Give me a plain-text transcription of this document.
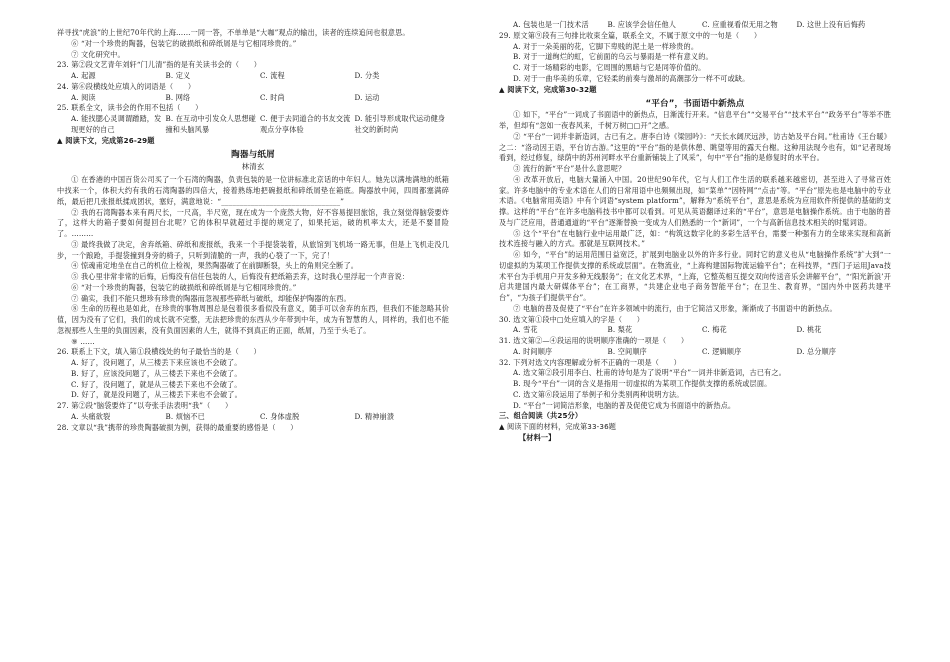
祥寻找“虎浪”的上世纪70年代的上海……一同一答，不单单是“大咖”观点的输出，读者的连续追问也很意思。

⑥ “对一个珍贵的陶器，包装它的破损纸和碎纸屑是与它相同珍贵的。”

⑦ 文化研究中。

23. 第②段文艺青年刘轩“门儿清”指的是有关读书会的（　　）

A. 起源	B. 定义	C. 流程	D. 分类

24. 第⑥段横线处应填入的词语是（　　）

A. 阅读	B. 网络	C. 时尚	D. 运动

25. 联系全文，读书会的作用不包括（　　）

A. 能找腮心灵调谓蹭踏，发现更好的自己
B. 在互动中引发众人思想碰撞和头脑风暴
C. 便于去同道合的书友交流观点分享体验
D. 能引导形成取代运动健身社交的新时尚

▲ 阅读下文，完成第26-29题

陶器与纸屑

林清玄

① 在香港的中国百货公司买了一个石湾的陶器，负责包装的是一位讲标准北京话的中年妇人。她先以满地满地的纸箱中找来一个，体积大约有我的石湾陶器的四倍大，接着熟练地把碗报纸和碎纸屑垫在箱底。陶器放中间，四周都塞满碎纸，最后把几张报纸揉成团状，塞好，满意地说：“________________________________”

② 我的石湾陶器本来有两尺长，一尺高，半尺宽，现在成为一个庞然大物，好不容易提回旅馆，我立刻觉得脑袋要炸了，这样大的箱子要如何提回台北呢？它的体积早就超过手提的规定了，如果托运，破的机率太大，还是不要冒险了。………

③ 最终我做了决定，舍弃纸箱、碎纸和废报纸，我来一个手提袋装着，从旅馆到飞机场一路无事，但是上飞机走没几步，一个踉跄，手提袋撞到身旁的椅子，只听到清脆的一声，我的心裂了一下，完了！

④ 惊魂甫定地坐在自己的机位上检视，果然陶器破了在前脚断裂，头上的角则完全断了。

⑤ 我心里非常非常的后悔，后悔没有信任包装的人，后悔没有把纸箱丢弃，这时我心里浮起一个声音说：

⑥ “对一个珍贵的陶器，包装它的破损纸和碎纸屑是与它相同珍贵的。”

⑦ 确实，我们不能只想珍有珍贵的陶器而忽视那些碎纸与破纸，却能保护陶器的东西。

⑧ 生命的历程也是如此，在珍贵的事物周围总是包着很多看似没有意义，随手可以舍弃的东西，但我们不能忽略其价值，因为没有了它们，我们的成长就不完整，无法把珍贵的东西从少年带到中年，成为有智慧的人，同样的，我们也不能忽视那些人生里的负面因素，没有负面因素的人生，就得不到真正的正面，纸屑，乃至于头毛了。

⑨ ……

26. 联系上下文，填入第①段横线处的句子最恰当的是（　　）

A. 好了，没问题了，从三楼丢下来应该也不会破了。

B. 好了，应该没问题了，从三楼丢下来也不会破了。

C. 好了，没问题了，就是从三楼丢下来也不会破了。

D. 好了，就是没问题了，从三楼丢下来也不会破了。

27. 第②段“脑袋要炸了”以夸张手法表明“我”（　　）

A. 头痛欲裂	B. 烦恼不已	C. 身体虚脱	D. 精神崩溃

28. 文章以“我”携带的珍贵陶器破损为例，获得的最重要的感悟是（　　）

A. 包装也是一门技术活	B. 应该学会信任他人	C. 应重视看似无用之物	D. 这世上没有后悔药

29. 原文第⑨段有三句排比收束全篇，联系全文，不属于原文中的一句是（　　）

A. 对于一朵美丽的花，它脚下卑贱的泥土是一样珍贵的。

B. 对于一道绚烂的虹，它前面的乌云与暴雨是一样有意义的。

C. 对于一场精彩的电影，它周围的黑暗与它是同等价值的。

D. 对于一曲华美的乐章，它轻柔的前奏与激昂的高潮部分一样不可或缺。

▲ 阅读下文，完成第30-32题

“平台”，书面语中新热点

① 如下，“平台”一词成了书面语中的新热点，日渐流行开来。“信息平台”“交易平台”“技术平台”“政务平台”等举不胜举，但却有“忽如一夜春风来，千树万树□□开”之感。

② “平台”一词并非新造词，古已有之。唐李白诗《梁园吟》：“天长水阔厌远涉，访古始及平台间。”杜甫诗《王台暖》之二：“洛动因王语，平台访古游。”这里的“平台”指的是供休憩、眺望等用的露天台榭。这种用法现今也有，如“记者现场看到，经过修复，绿荫中的苏州河畔水平台重新铺装上了风采”，句中“平台”指的是修复时的水平台。

③ 流行的新“平台”是什么意思呢？

④ 改革开放后，电脑大量涌入中国。20世纪90年代，它与人们工作生活的联系越来越密切，甚至进入了寻常百姓家。许多电脑中的专业术语在人们的日常用语中也频频出现，如“菜单”“因特网”“点击”等。“平台”原先也是电脑中的专业术语。《电脑常用英语》中有个词语“system platform”，解释为“系统平台”，意思是系统为应用软件所提供的基础的支撑。这样的“平台”在许多电脑科技书中都可以看到。可见从英语翻译过来的“平台”，意思是电脑操作系统。由于电脑的普及与广泛应用，普通通道的“平台”逐渐替换一变成为人们熟悉的一个“新词”，一个与高新信息技术相关的时髦词语。

⑤ 这个“平台”在电脑行业中运用最广泛，如：“构筑这数字化的多彩生活平台，需要一种强有力的全球来实现和高新技术连接与融入的方式。那就是互联网技术。”

⑥ 如今，“平台”的运用范围日益宽泛，扩展到电脑业以外的许多行业。同时它的意义也从“电脑操作系统”扩大到“一切虚拟的为某项工作提供支撑的系统或层面”。在物流业，“上海构建国际物流运输平台”；在科技界，“西门子运用Java技术平台为手机用户开发多种无线服务”；在文化艺术界，“上海，它整英相互提交双向传送音乐会讲解平台”，“‘阳光新浪’开启共建国内最大研媒体平台”；在工商界，“共建企业电子商务智能平台”；在卫生、教育界，“国内外中医药共建平台”，“为孩子们提供平台”。

⑦ 电脑的普及促使了“平台”在许多领域中的流行，由于它简洁又形象，渐渐成了书面语中的新热点。

30. 选文第①段中□处应填入的字是（　　）

A. 雪花	B. 梨花	C. 梅花	D. 桃花

31. 选文第②—④段运用的说明顺序准确的一项是（　　）

A. 时间顺序	B. 空间顺序	C. 逻辑顺序	D. 总分顺序

32. 下列对选文内容理解或分析不正确的一项是（　　）

A. 选文第②段引用李白、杜甫的诗句是为了说明“平台”一词并非新造词，古已有之。

B. 现今“平台”一词的含义是指用一切虚拟的为某项工作提供支撑的系统或层面。

C. 选文第⑥段运用了举例子和分类别两种说明方法。

D. “平台”一词简洁形象，电脑的普及促使它成为书面语中的新热点。

三、组合阅读（共25分）

▲ 阅读下面的材料，完成第33-36题

【材料一】
